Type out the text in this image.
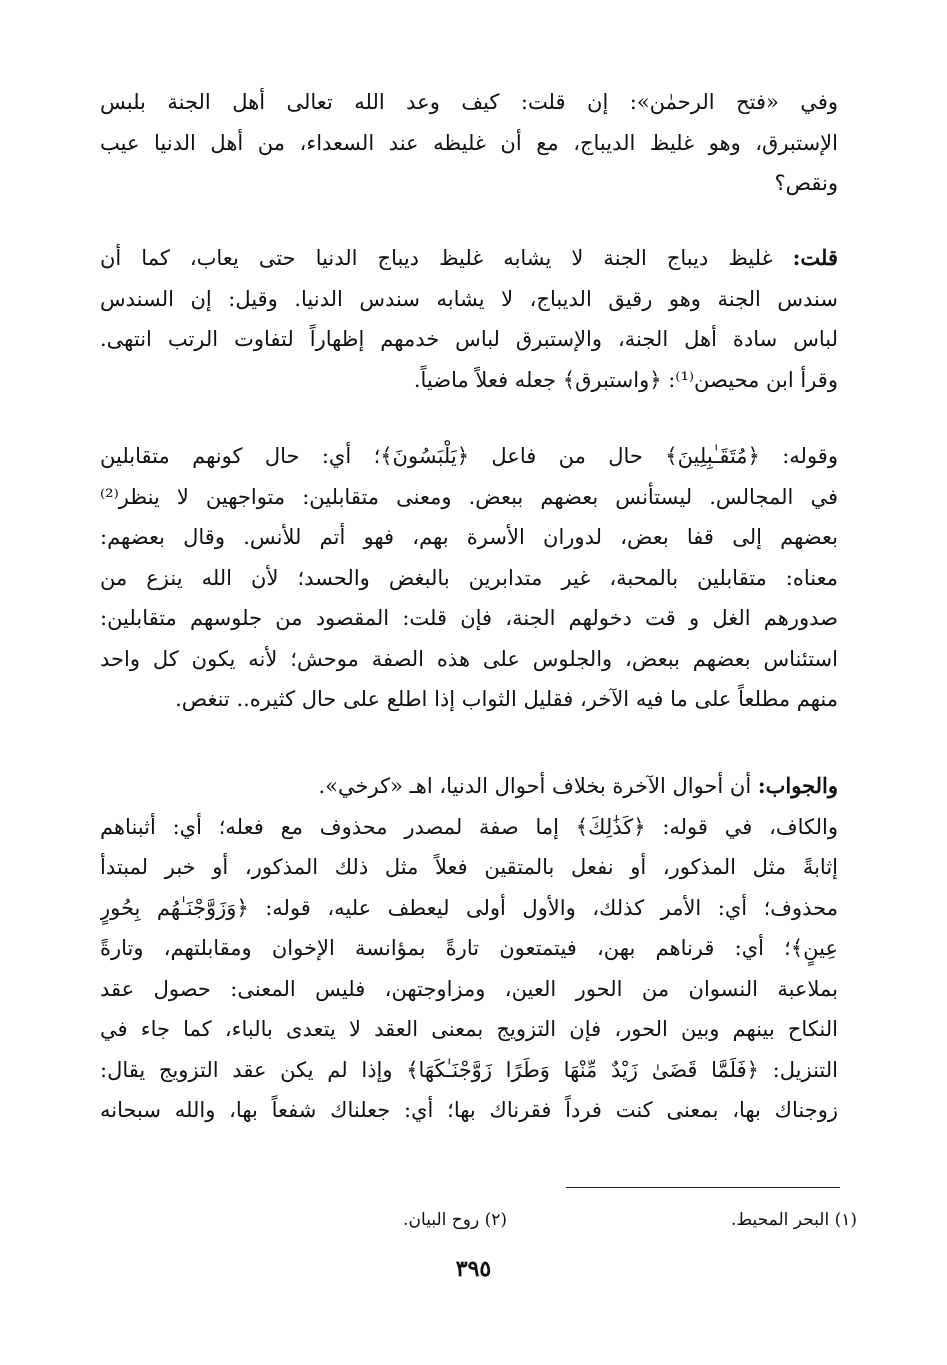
وفي «فتح الرحمٰن»: إن قلت: كيف وعد الله تعالى أهل الجنة بلبس
الإستبرق، وهو غليظ الديباج، مع أن غليظه عند السعداء، من أهل الدنيا عيب
ونقص؟
قلت: غليظ ديباج الجنة لا يشابه غليظ ديباج الدنيا حتى يعاب، كما أن
سندس الجنة وهو رقيق الديباج، لا يشابه سندس الدنيا. وقيل: إن السندس
لباس سادة أهل الجنة، والإستبرق لباس خدمهم إظهاراً لتفاوت الرتب انتهى.
وقرأ ابن محيصن⁽¹⁾: ﴿واستبرق﴾ جعله فعلاً ماضياً.
وقوله: ﴿مُتَقَـٰبِلِينَ﴾ حال من فاعل ﴿يَلْبَسُونَ﴾؛ أي: حال كونهم متقابلين
في المجالس. ليستأنس بعضهم ببعض. ومعنى متقابلين: متواجهين لا ينظر⁽²⁾
بعضهم إلى قفا بعض، لدوران الأسرة بهم، فهو أتم للأنس. وقال بعضهم:
معناه: متقابلين بالمحبة، غير متدابرين بالبغض والحسد؛ لأن الله ينزع من
صدورهم الغل و قت دخولهم الجنة، فإن قلت: المقصود من جلوسهم متقابلين:
استئناس بعضهم ببعض، والجلوس على هذه الصفة موحش؛ لأنه يكون كل واحد
منهم مطلعاً على ما فيه الآخر، فقليل الثواب إذا اطلع على حال كثيره.. تنغص.
والجواب: أن أحوال الآخرة بخلاف أحوال الدنيا، اهـ «كرخي».
والكاف، في قوله: ﴿كَذَٰلِكَ﴾ إما صفة لمصدر محذوف مع فعله؛ أي: أثبناهم
إثابةً مثل المذكور، أو نفعل بالمتقين فعلاً مثل ذلك المذكور، أو خبر لمبتدأ
محذوف؛ أي: الأمر كذلك، والأول أولى ليعطف عليه، قوله: ﴿وَزَوَّجْنَـٰهُم بِحُورٍ
عِينٍ﴾؛ أي: قرناهم بهن، فيتمتعون تارةً بمؤانسة الإخوان ومقابلتهم، وتارةً
بملاعبة النسوان من الحور العين، ومزاوجتهن، فليس المعنى: حصول عقد
النكاح بينهم وبين الحور، فإن التزويج بمعنى العقد لا يتعدى بالباء، كما جاء في
التنزيل: ﴿فَلَمَّا قَضَىٰ زَيْدٌ مِّنْهَا وَطَرًا زَوَّجْنَـٰكَهَا﴾ وإذا لم يكن عقد التزويج يقال:
زوجناك بها، بمعنى كنت فرداً فقرناك بها؛ أي: جعلناك شفعاً بها، والله سبحانه
(١) البحر المحيط.
(٢) روح البيان.
٣٩٥
